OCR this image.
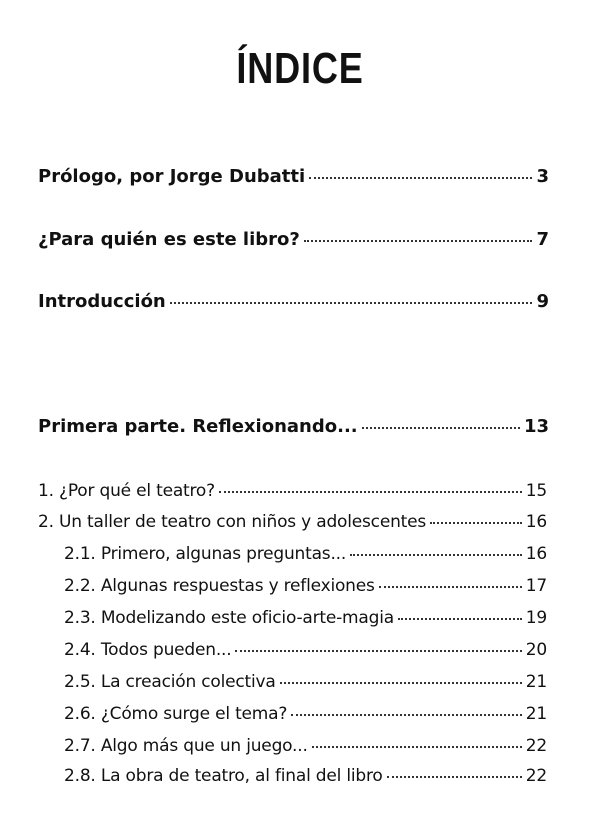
ÍNDICE
Prólogo, por Jorge Dubatti	3
¿Para quién es este libro?	7
Introducción	9
Primera parte. Reflexionando...	13
1. ¿Por qué el teatro?	15
2. Un taller de teatro con niños y adolescentes	16
2.1. Primero, algunas preguntas...	16
2.2. Algunas respuestas y reflexiones	17
2.3. Modelizando este oficio-arte-magia	19
2.4. Todos pueden...	20
2.5. La creación colectiva	21
2.6. ¿Cómo surge el tema?	21
2.7. Algo más que un juego...	22
2.8. La obra de teatro, al final del libro	22
